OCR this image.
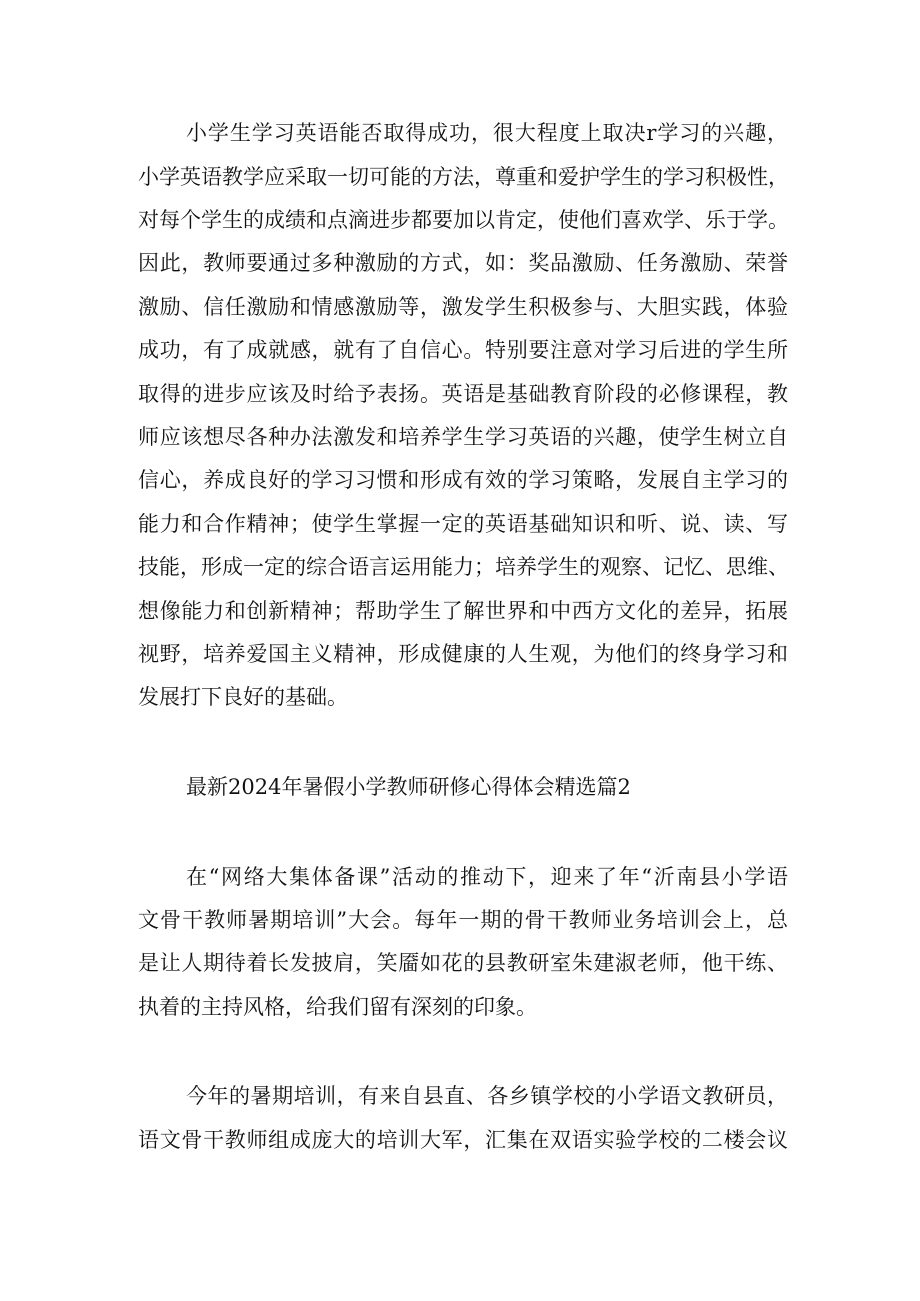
小学生学习英语能否取得成功，很大程度上取决r学习的兴趣，
小学英语教学应采取一切可能的方法，尊重和爱护学生的学习积极性，
对每个学生的成绩和点滴进步都要加以肯定，使他们喜欢学、乐于学。
因此，教师要通过多种激励的方式，如：奖品激励、任务激励、荣誉
激励、信任激励和情感激励等，激发学生积极参与、大胆实践，体验
成功，有了成就感，就有了自信心。特别要注意对学习后进的学生所
取得的进步应该及时给予表扬。英语是基础教育阶段的必修课程，教
师应该想尽各种办法激发和培养学生学习英语的兴趣，使学生树立自
信心，养成良好的学习习惯和形成有效的学习策略，发展自主学习的
能力和合作精神；使学生掌握一定的英语基础知识和听、说、读、写
技能，形成一定的综合语言运用能力；培养学生的观察、记忆、思维、
想像能力和创新精神；帮助学生了解世界和中西方文化的差异，拓展
视野，培养爱国主义精神，形成健康的人生观，为他们的终身学习和
发展打下良好的基础。
最新2024年暑假小学教师研修心得体会精选篇2
在“网络大集体备课”活动的推动下，迎来了年“沂南县小学语
文骨干教师暑期培训”大会。每年一期的骨干教师业务培训会上，总
是让人期待着长发披肩，笑靥如花的县教研室朱建淑老师，他干练、
执着的主持风格，给我们留有深刻的印象。
今年的暑期培训，有来自县直、各乡镇学校的小学语文教研员，
语文骨干教师组成庞大的培训大军，汇集在双语实验学校的二楼会议
